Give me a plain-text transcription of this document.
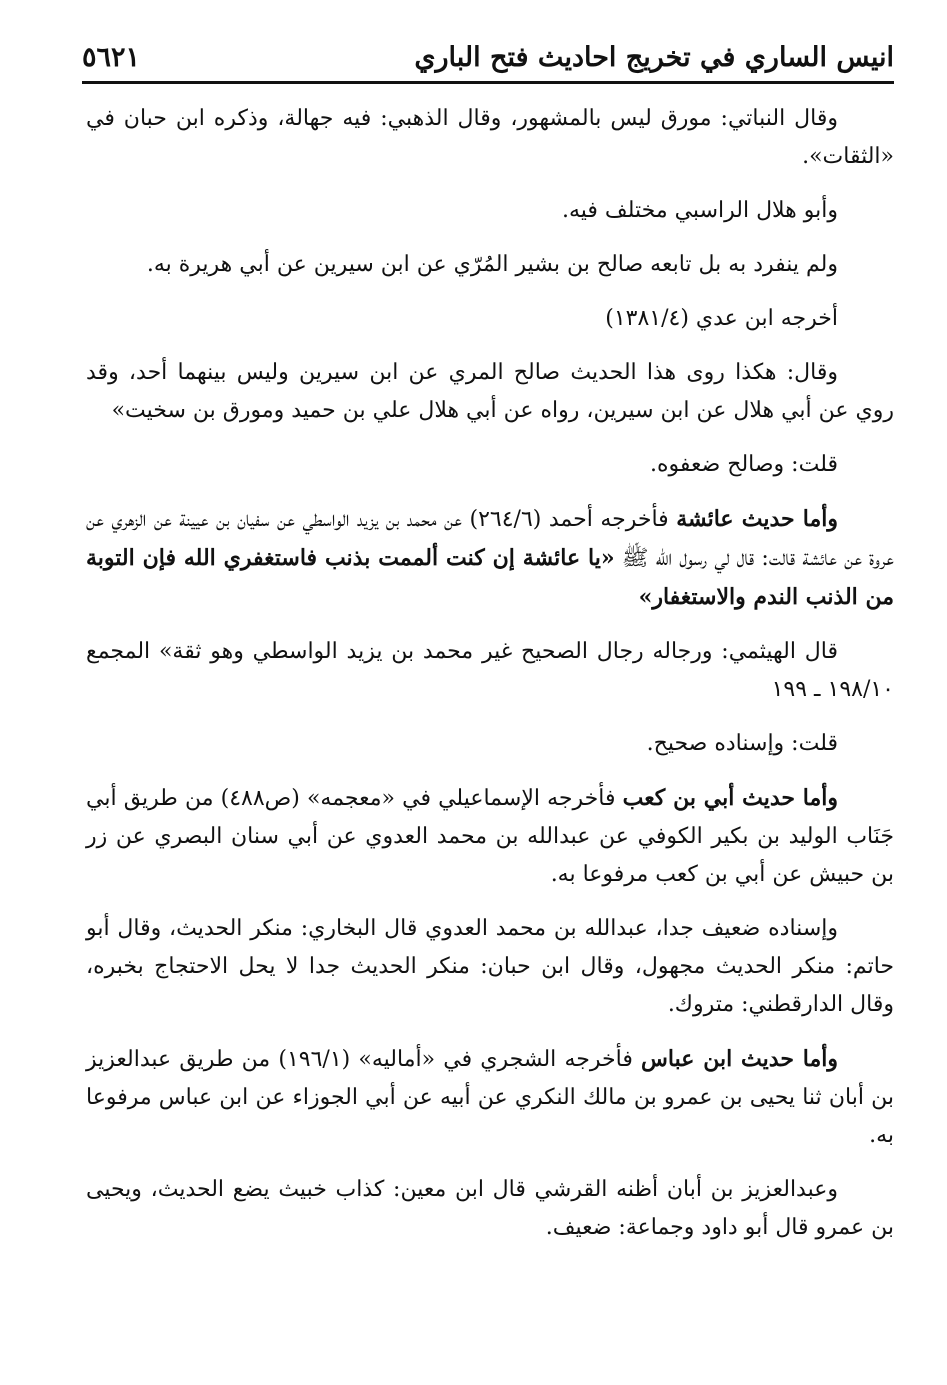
انيس الساري في تخريج احاديث فتح الباري
٥٦٢١

وقال النباتي: مورق ليس بالمشهور، وقال الذهبي: فيه جهالة، وذكره ابن حبان في «الثقات».

وأبو هلال الراسبي مختلف فيه.

ولم ينفرد به بل تابعه صالح بن بشير المُرّي عن ابن سيرين عن أبي هريرة به.

أخرجه ابن عدي (١٣٨١/٤)

وقال: هكذا روى هذا الحديث صالح المري عن ابن سيرين وليس بينهما أحد، وقد روي عن أبي هلال عن ابن سيرين، رواه عن أبي هلال علي بن حميد ومورق بن سخيت»

قلت: وصالح ضعفوه.

وأما حديث عائشة فأخرجه أحمد (٢٦٤/٦) عن محمد بن يزيد الواسطي عن سفيان بن عيينة عن الزهري عن عروة عن عائشة قالت: قال لي رسول الله ﷺ «يا عائشة إن كنت ألممت بذنب فاستغفري الله فإن التوبة من الذنب الندم والاستغفار»

قال الهيثمي: ورجاله رجال الصحيح غير محمد بن يزيد الواسطي وهو ثقة» المجمع ١٩٨/١٠ ـ ١٩٩

قلت: وإسناده صحيح.

وأما حديث أبي بن كعب فأخرجه الإسماعيلي في «معجمه» (ص٤٨٨) من طريق أبي جَنَاب الوليد بن بكير الكوفي عن عبدالله بن محمد العدوي عن أبي سنان البصري عن زر بن حبيش عن أبي بن كعب مرفوعا به.

وإسناده ضعيف جدا، عبدالله بن محمد العدوي قال البخاري: منكر الحديث، وقال أبو حاتم: منكر الحديث مجهول، وقال ابن حبان: منكر الحديث جدا لا يحل الاحتجاج بخبره، وقال الدارقطني: متروك.

وأما حديث ابن عباس فأخرجه الشجري في «أماليه» (١٩٦/١) من طريق عبدالعزيز بن أبان ثنا يحيى بن عمرو بن مالك النكري عن أبيه عن أبي الجوزاء عن ابن عباس مرفوعا به.

وعبدالعزيز بن أبان أظنه القرشي قال ابن معين: كذاب خبيث يضع الحديث، ويحيى بن عمرو قال أبو داود وجماعة: ضعيف.
